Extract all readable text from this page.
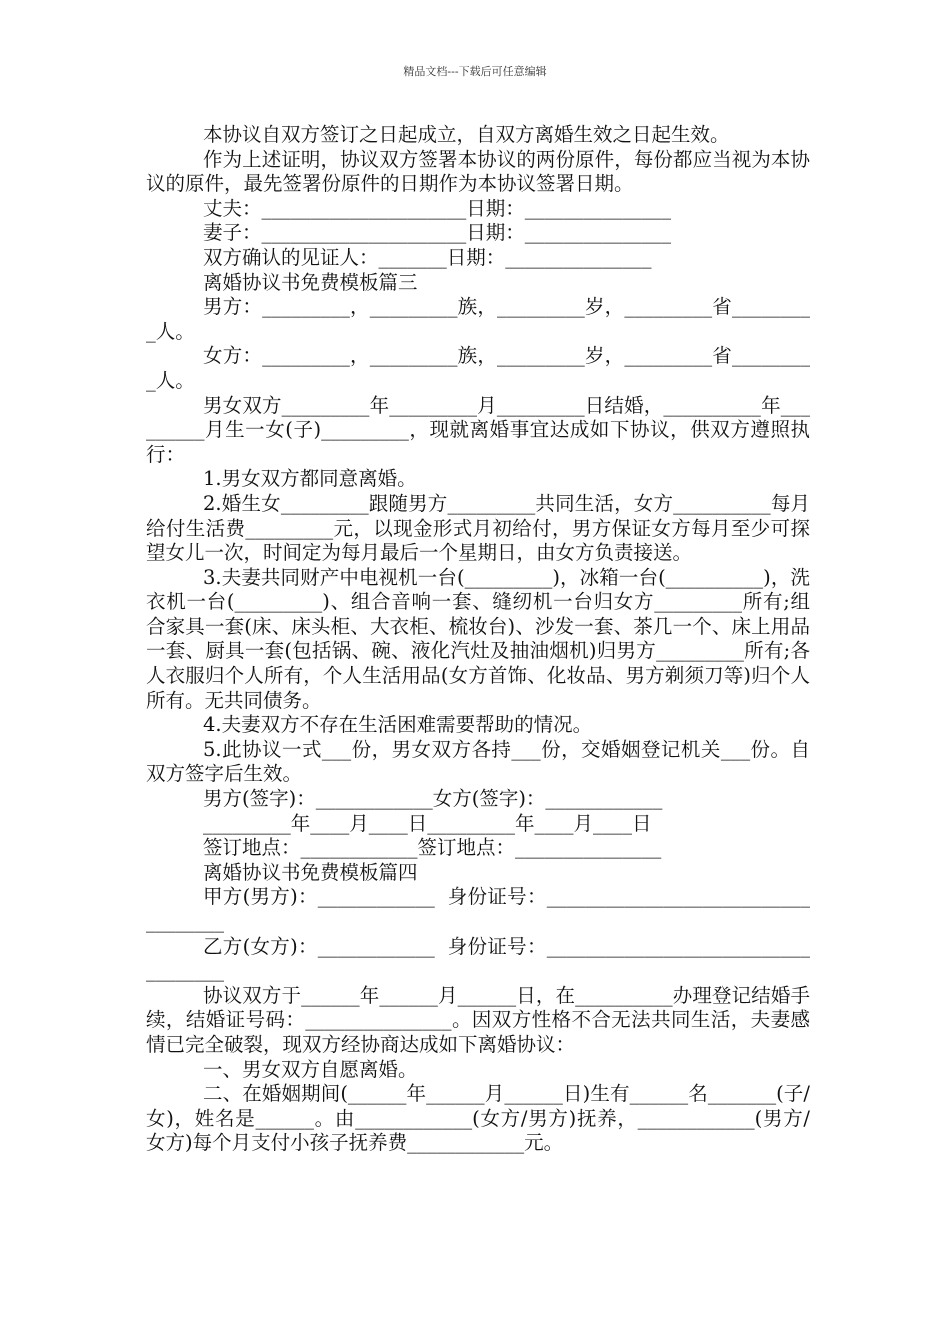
精品文档---下载后可任意编辑

本协议自双方签订之日起成立，自双方离婚生效之日起生效。

作为上述证明，协议双方签署本协议的两份原件，每份都应当视为本协议的原件，最先签署份原件的日期作为本协议签署日期。

丈夫：_____________________日期：_______________

妻子：_____________________日期：_______________

双方确认的见证人：_______日期：_______________

离婚协议书免费模板篇三

男方：_________，_________族，_________岁，_________省_________人。

女方：_________，_________族，_________岁，_________省_________人。

男女双方_________年_________月_________日结婚，__________年_________月生一女(子)_________，现就离婚事宜达成如下协议，供双方遵照执行：

1.男女双方都同意离婚。

2.婚生女_________跟随男方_________共同生活，女方__________每月给付生活费_________元，以现金形式月初给付，男方保证女方每月至少可探望女儿一次，时间定为每月最后一个星期日，由女方负责接送。

3.夫妻共同财产中电视机一台(_________)，冰箱一台(__________)，洗衣机一台(_________)、组合音响一套、缝纫机一台归女方_________所有;组合家具一套(床、床头柜、大衣柜、梳妆台)、沙发一套、茶几一个、床上用品一套、厨具一套(包括锅、碗、液化汽灶及抽油烟机)归男方_________所有;各人衣服归个人所有，个人生活用品(女方首饰、化妆品、男方剃须刀等)归个人所有。无共同债务。

4.夫妻双方不存在生活困难需要帮助的情况。

5.此协议一式___份，男女双方各持___份，交婚姻登记机关___份。自双方签字后生效。

男方(签字)：____________女方(签字)：____________

_________年____月____日_________年____月____日

签订地点：____________签订地点：_______________

离婚协议书免费模板篇四

甲方(男方)：____________  身份证号：___________________________________

乙方(女方)：____________  身份证号：___________________________________

协议双方于______年______月______日，在__________办理登记结婚手续，结婚证号码：_______________。因双方性格不合无法共同生活，夫妻感情已完全破裂，现双方经协商达成如下离婚协议：

一、男女双方自愿离婚。

二、在婚姻期间(______年______月______日)生有______名_______(子/女)，姓名是______。由____________(女方/男方)抚养，____________(男方/女方)每个月支付小孩子抚养费____________元。
